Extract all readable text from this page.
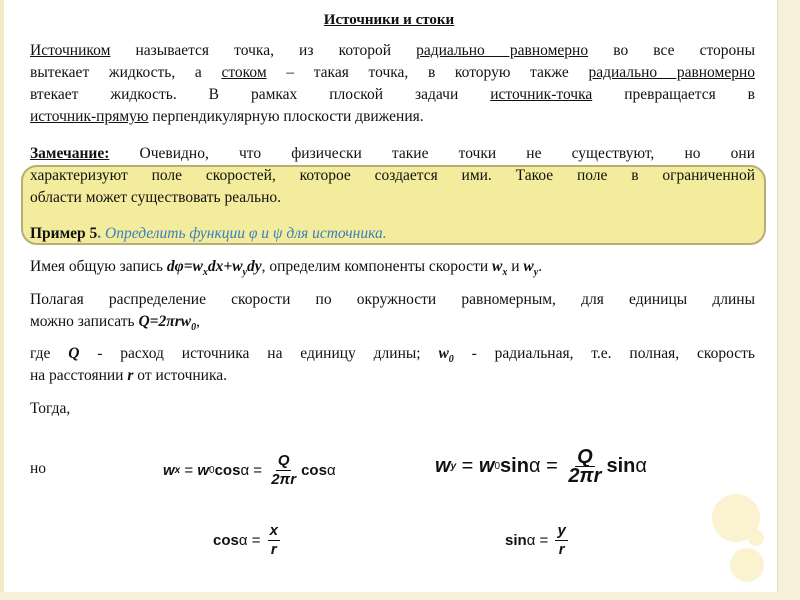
Источники и стоки
Источником называется точка, из которой радиально равномерно во все стороны
вытекает жидкость, а стоком – такая точка, в которую также радиально равномерно
втекает жидкость. В рамках плоской задачи источник-точка превращается в
источник-прямую перпендикулярную плоскости движения.
Замечание: Очевидно, что физически такие точки не существуют, но они
характеризуют поле скоростей, которое создается ими. Такое поле в ограниченной
области может существовать реально.
Пример 5. Определить функции φ и ψ для источника.
Имея общую запись $d\varphi=w_xdx+w_ydy$, определим компоненты скорости $w_x$ и $w_y$.
Полагая распределение скорости по окружности равномерным, для единицы длины
можно записать Q=2πrw$_0$,
где Q - расход источника на единицу длины; $w_0$ - радиальная, т.е. полная, скорость
на расстоянии r от источника.
Тогда,
но	w x = w 0 $\cos \alpha = \frac{Q}{2\pi r}$ cos α	w y = w 0 $\sin \alpha = \frac{Q}{2\pi r}$ sin α
$\cos \alpha = \frac{x}{r}$	$\sin \alpha = \frac{y}{r}$
